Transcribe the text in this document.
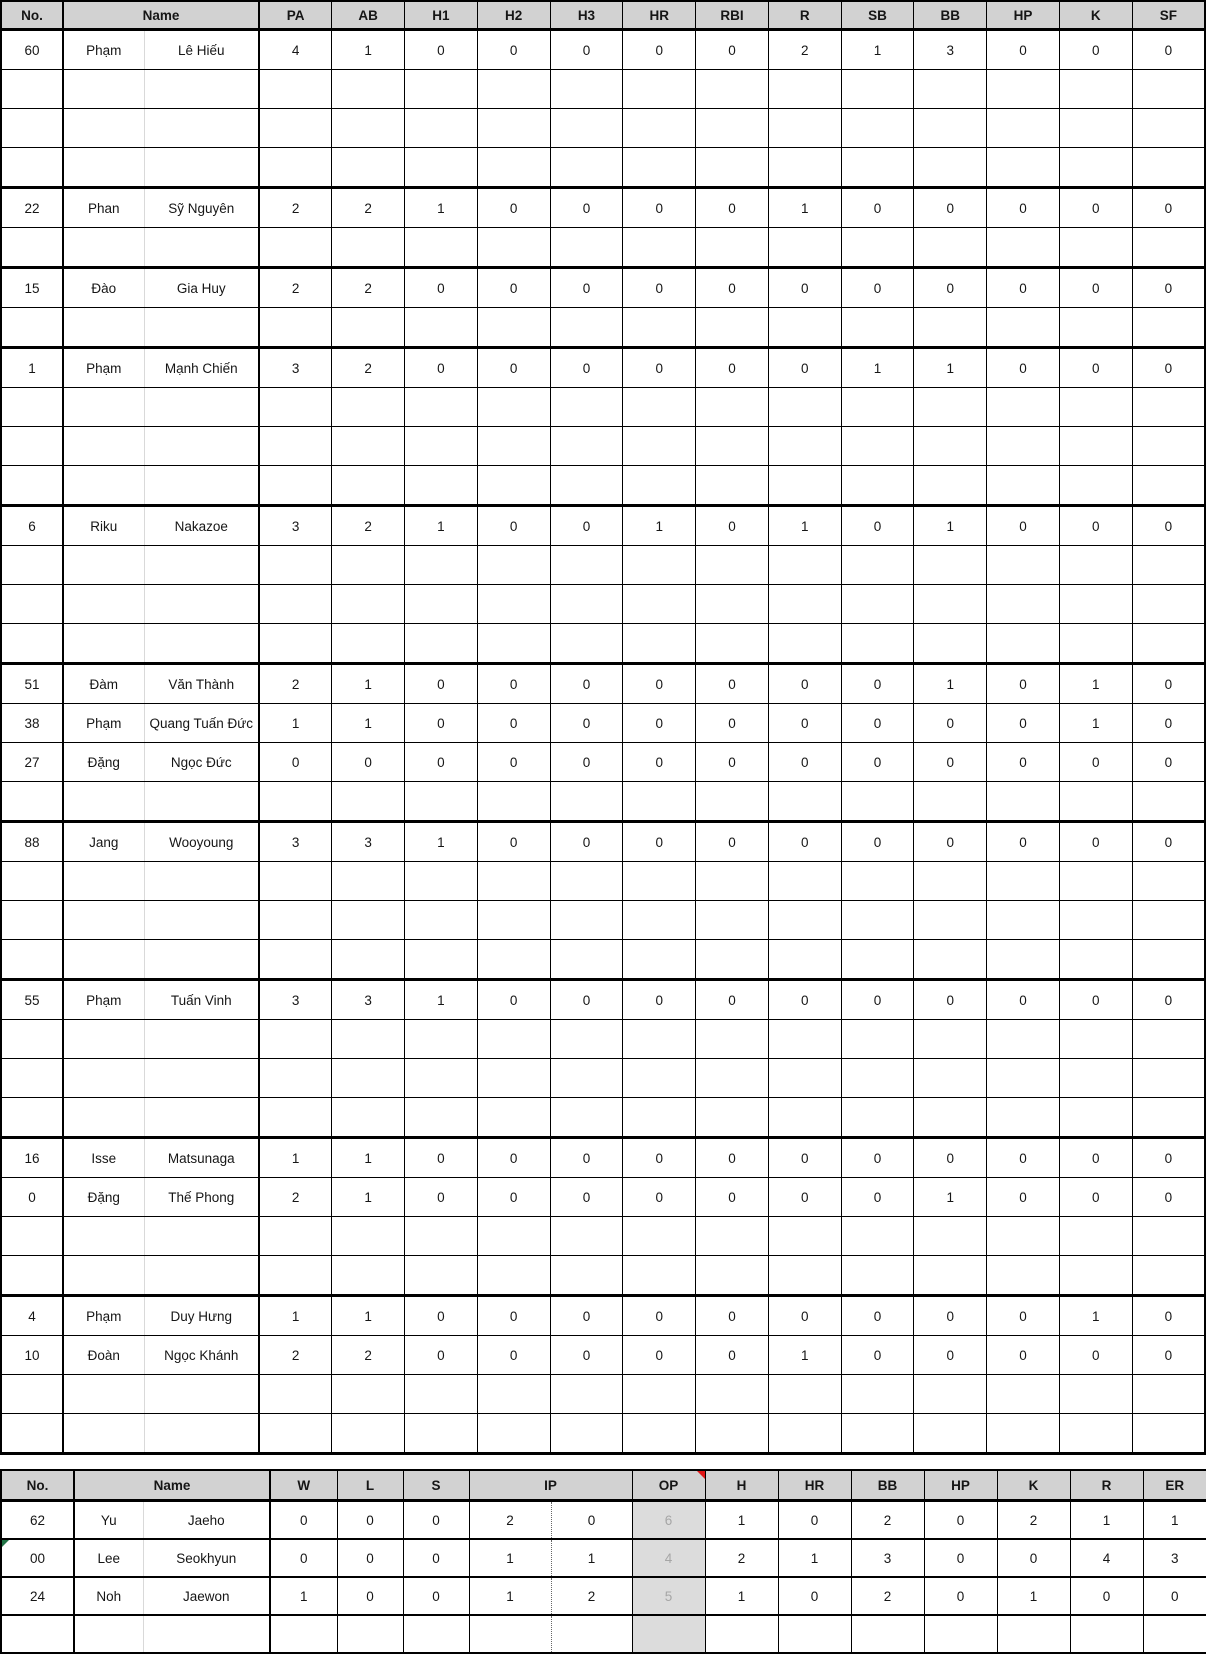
No.	Name		PA	AB	H1	H2	H3	HR	RBI	R	SB	BB	HP	K	SF
60	Phạm	Lê Hiếu	4	1	0	0	0	0	0	2	1	3	0	0	0

22	Phan	Sỹ Nguyên	2	2	1	0	0	0	0	1	0	0	0	0	0

15	Đào	Gia Huy	2	2	0	0	0	0	0	0	0	0	0	0	0

1	Phạm	Mạnh Chiến	3	2	0	0	0	0	0	0	1	1	0	0	0

6	Riku	Nakazoe	3	2	1	0	0	1	0	1	0	1	0	0	0

51	Đàm	Văn Thành	2	1	0	0	0	0	0	0	0	1	0	1	0
38	Phạm	Quang Tuấn Đức	1	1	0	0	0	0	0	0	0	0	0	1	0
27	Đặng	Ngọc Đức	0	0	0	0	0	0	0	0	0	0	0	0	0

88	Jang	Wooyoung	3	3	1	0	0	0	0	0	0	0	0	0	0

55	Phạm	Tuấn Vinh	3	3	1	0	0	0	0	0	0	0	0	0	0

16	Isse	Matsunaga	1	1	0	0	0	0	0	0	0	0	0	0	0
0	Đặng	Thế Phong	2	1	0	0	0	0	0	0	0	1	0	0	0

4	Phạm	Duy Hưng	1	1	0	0	0	0	0	0	0	0	0	1	0
10	Đoàn	Ngọc Khánh	2	2	0	0	0	0	0	1	0	0	0	0	0

No.	Name		W	L	S	IP		OP	H	HR	BB	HP	K	R	ER
62	Yu	Jaeho	0	0	0	2	0	6	1	0	2	0	2	1	1
00	Lee	Seokhyun	0	0	0	1	1	4	2	1	3	0	0	4	3
24	Noh	Jaewon	1	0	0	1	2	5	1	0	2	0	1	0	0
